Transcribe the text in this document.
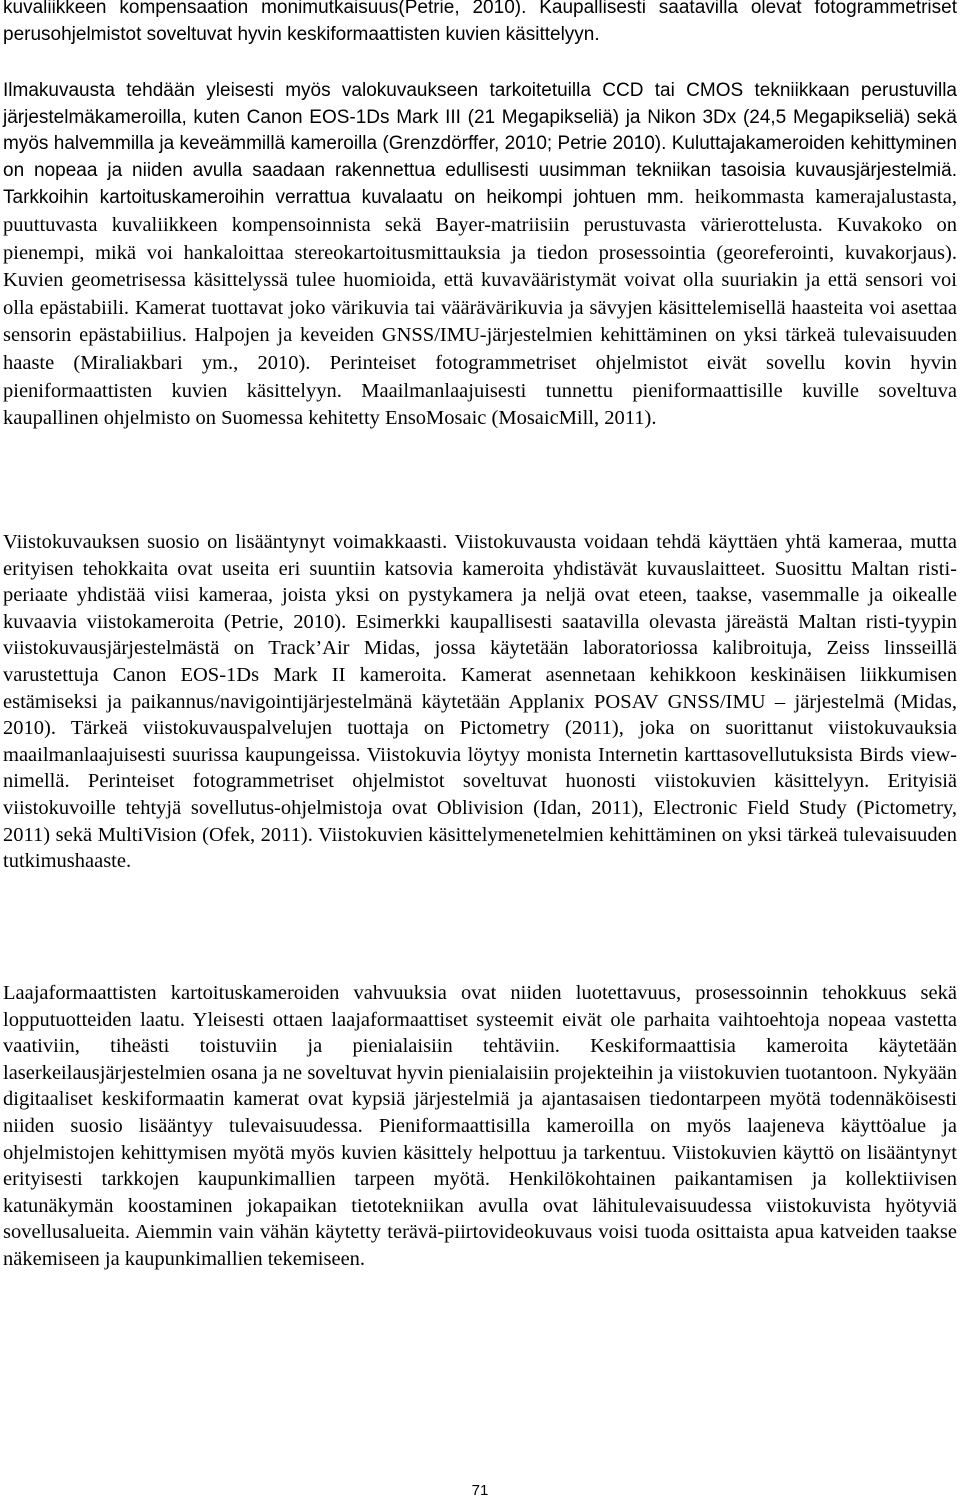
kuvaliikkeen kompensaation monimutkaisuus(Petrie, 2010). Kaupallisesti saatavilla olevat fotogrammetriset perusohjelmistot soveltuvat hyvin keskiformaattisten kuvien käsittelyyn.

Ilmakuvausta tehdään yleisesti myös valokuvaukseen tarkoitetuilla CCD tai CMOS tekniikkaan perustuvilla järjestelmäkameroilla, kuten Canon EOS-1Ds Mark III (21 Megapikseliä) ja Nikon 3Dx (24,5 Megapikseliä) sekä myös halvemmilla ja keveämmillä kameroilla (Grenzdörffer, 2010; Petrie 2010). Kuluttajakameroiden kehittyminen on nopeaa ja niiden avulla saadaan rakennettua edullisesti uusimman tekniikan tasoisia kuvausjärjestelmiä. Tarkkoihin kartoituskameroihin verrattua kuvalaatu on heikompi johtuen mm. heikommasta kamerajalustasta, puuttuvasta kuvaliikkeen kompensoinnista sekä Bayer-matriisiin perustuvasta värierottelusta. Kuvakoko on pienempi, mikä voi hankaloittaa stereokartoitusmittauksia ja tiedon prosessointia (georeferointi, kuvakorjaus). Kuvien geometrisessa käsittelyssä tulee huomioida, että kuvavääristymät voivat olla suuriakin ja että sensori voi olla epästabiili. Kamerat tuottavat joko värikuvia tai väärävärikuvia ja sävyjen käsittelemisellä haasteita voi asettaa sensorin epästabiilius. Halpojen ja keveiden GNSS/IMU-järjestelmien kehittäminen on yksi tärkeä tulevaisuuden haaste (Miraliakbari ym., 2010). Perinteiset fotogrammetriset ohjelmistot eivät sovellu kovin hyvin pieniformaattisten kuvien käsittelyyn. Maailmanlaajuisesti tunnettu pieniformaattisille kuville soveltuva kaupallinen ohjelmisto on Suomessa kehitetty EnsoMosaic (MosaicMill, 2011).

Viistokuvauksen suosio on lisääntynyt voimakkaasti. Viistokuvausta voidaan tehdä käyttäen yhtä kameraa, mutta erityisen tehokkaita ovat useita eri suuntiin katsovia kameroita yhdistävät kuvauslaitteet. Suosittu Maltan risti-periaate yhdistää viisi kameraa, joista yksi on pystykamera ja neljä ovat eteen, taakse, vasemmalle ja oikealle kuvaavia viistokameroita (Petrie, 2010). Esimerkki kaupallisesti saatavilla olevasta järeästä Maltan risti-tyypin viistokuvausjärjestelmästä on Track’Air Midas, jossa käytetään laboratoriossa kalibroituja, Zeiss linsseillä varustettuja Canon EOS-1Ds Mark II kameroita. Kamerat asennetaan kehikkoon keskinäisen liikkumisen estämiseksi ja paikannus/navigointijärjestelmänä käytetään Applanix POSAV GNSS/IMU – järjestelmä (Midas, 2010). Tärkeä viistokuvauspalvelujen tuottaja on Pictometry (2011), joka on suorittanut viistokuvauksia maailmanlaajuisesti suurissa kaupungeissa. Viistokuvia löytyy monista Internetin karttasovellutuksista Birds view-nimellä. Perinteiset fotogrammetriset ohjelmistot soveltuvat huonosti viistokuvien käsittelyyn. Erityisiä viistokuvoille tehtyjä sovellutus-ohjelmistoja ovat Oblivision (Idan, 2011), Electronic Field Study (Pictometry, 2011) sekä MultiVision (Ofek, 2011). Viistokuvien käsittelymenetelmien kehittäminen on yksi tärkeä tulevaisuuden tutkimushaaste.

Laajaformaattisten kartoituskameroiden vahvuuksia ovat niiden luotettavuus, prosessoinnin tehokkuus sekä lopputuotteiden laatu. Yleisesti ottaen laajaformaattiset systeemit eivät ole parhaita vaihtoehtoja nopeaa vastetta vaativiin, tiheästi toistuviin ja pienialaisiin tehtäviin. Keskiformaattisia kameroita käytetään laserkeilausjärjestelmien osana ja ne soveltuvat hyvin pienialaisiin projekteihin ja viistokuvien tuotantoon. Nykyään digitaaliset keskiformaatin kamerat ovat kypsiä järjestelmiä ja ajantasaisen tiedontarpeen myötä todennäköisesti niiden suosio lisääntyy tulevaisuudessa. Pieniformaattisilla kameroilla on myös laajeneva käyttöalue ja ohjelmistojen kehittymisen myötä myös kuvien käsittely helpottuu ja tarkentuu. Viistokuvien käyttö on lisääntynyt erityisesti tarkkojen kaupunkimallien tarpeen myötä. Henkilökohtainen paikantamisen ja kollektiivisen katunäkymän koostaminen jokapaikan tietotekniikan avulla ovat lähitulevaisuudessa viistokuvista hyötyviä sovellusalueita. Aiemmin vain vähän käytetty terävä-piirtovideokuvaus voisi tuoda osittaista apua katveiden taakse näkemiseen ja kaupunkimallien tekemiseen.

71
